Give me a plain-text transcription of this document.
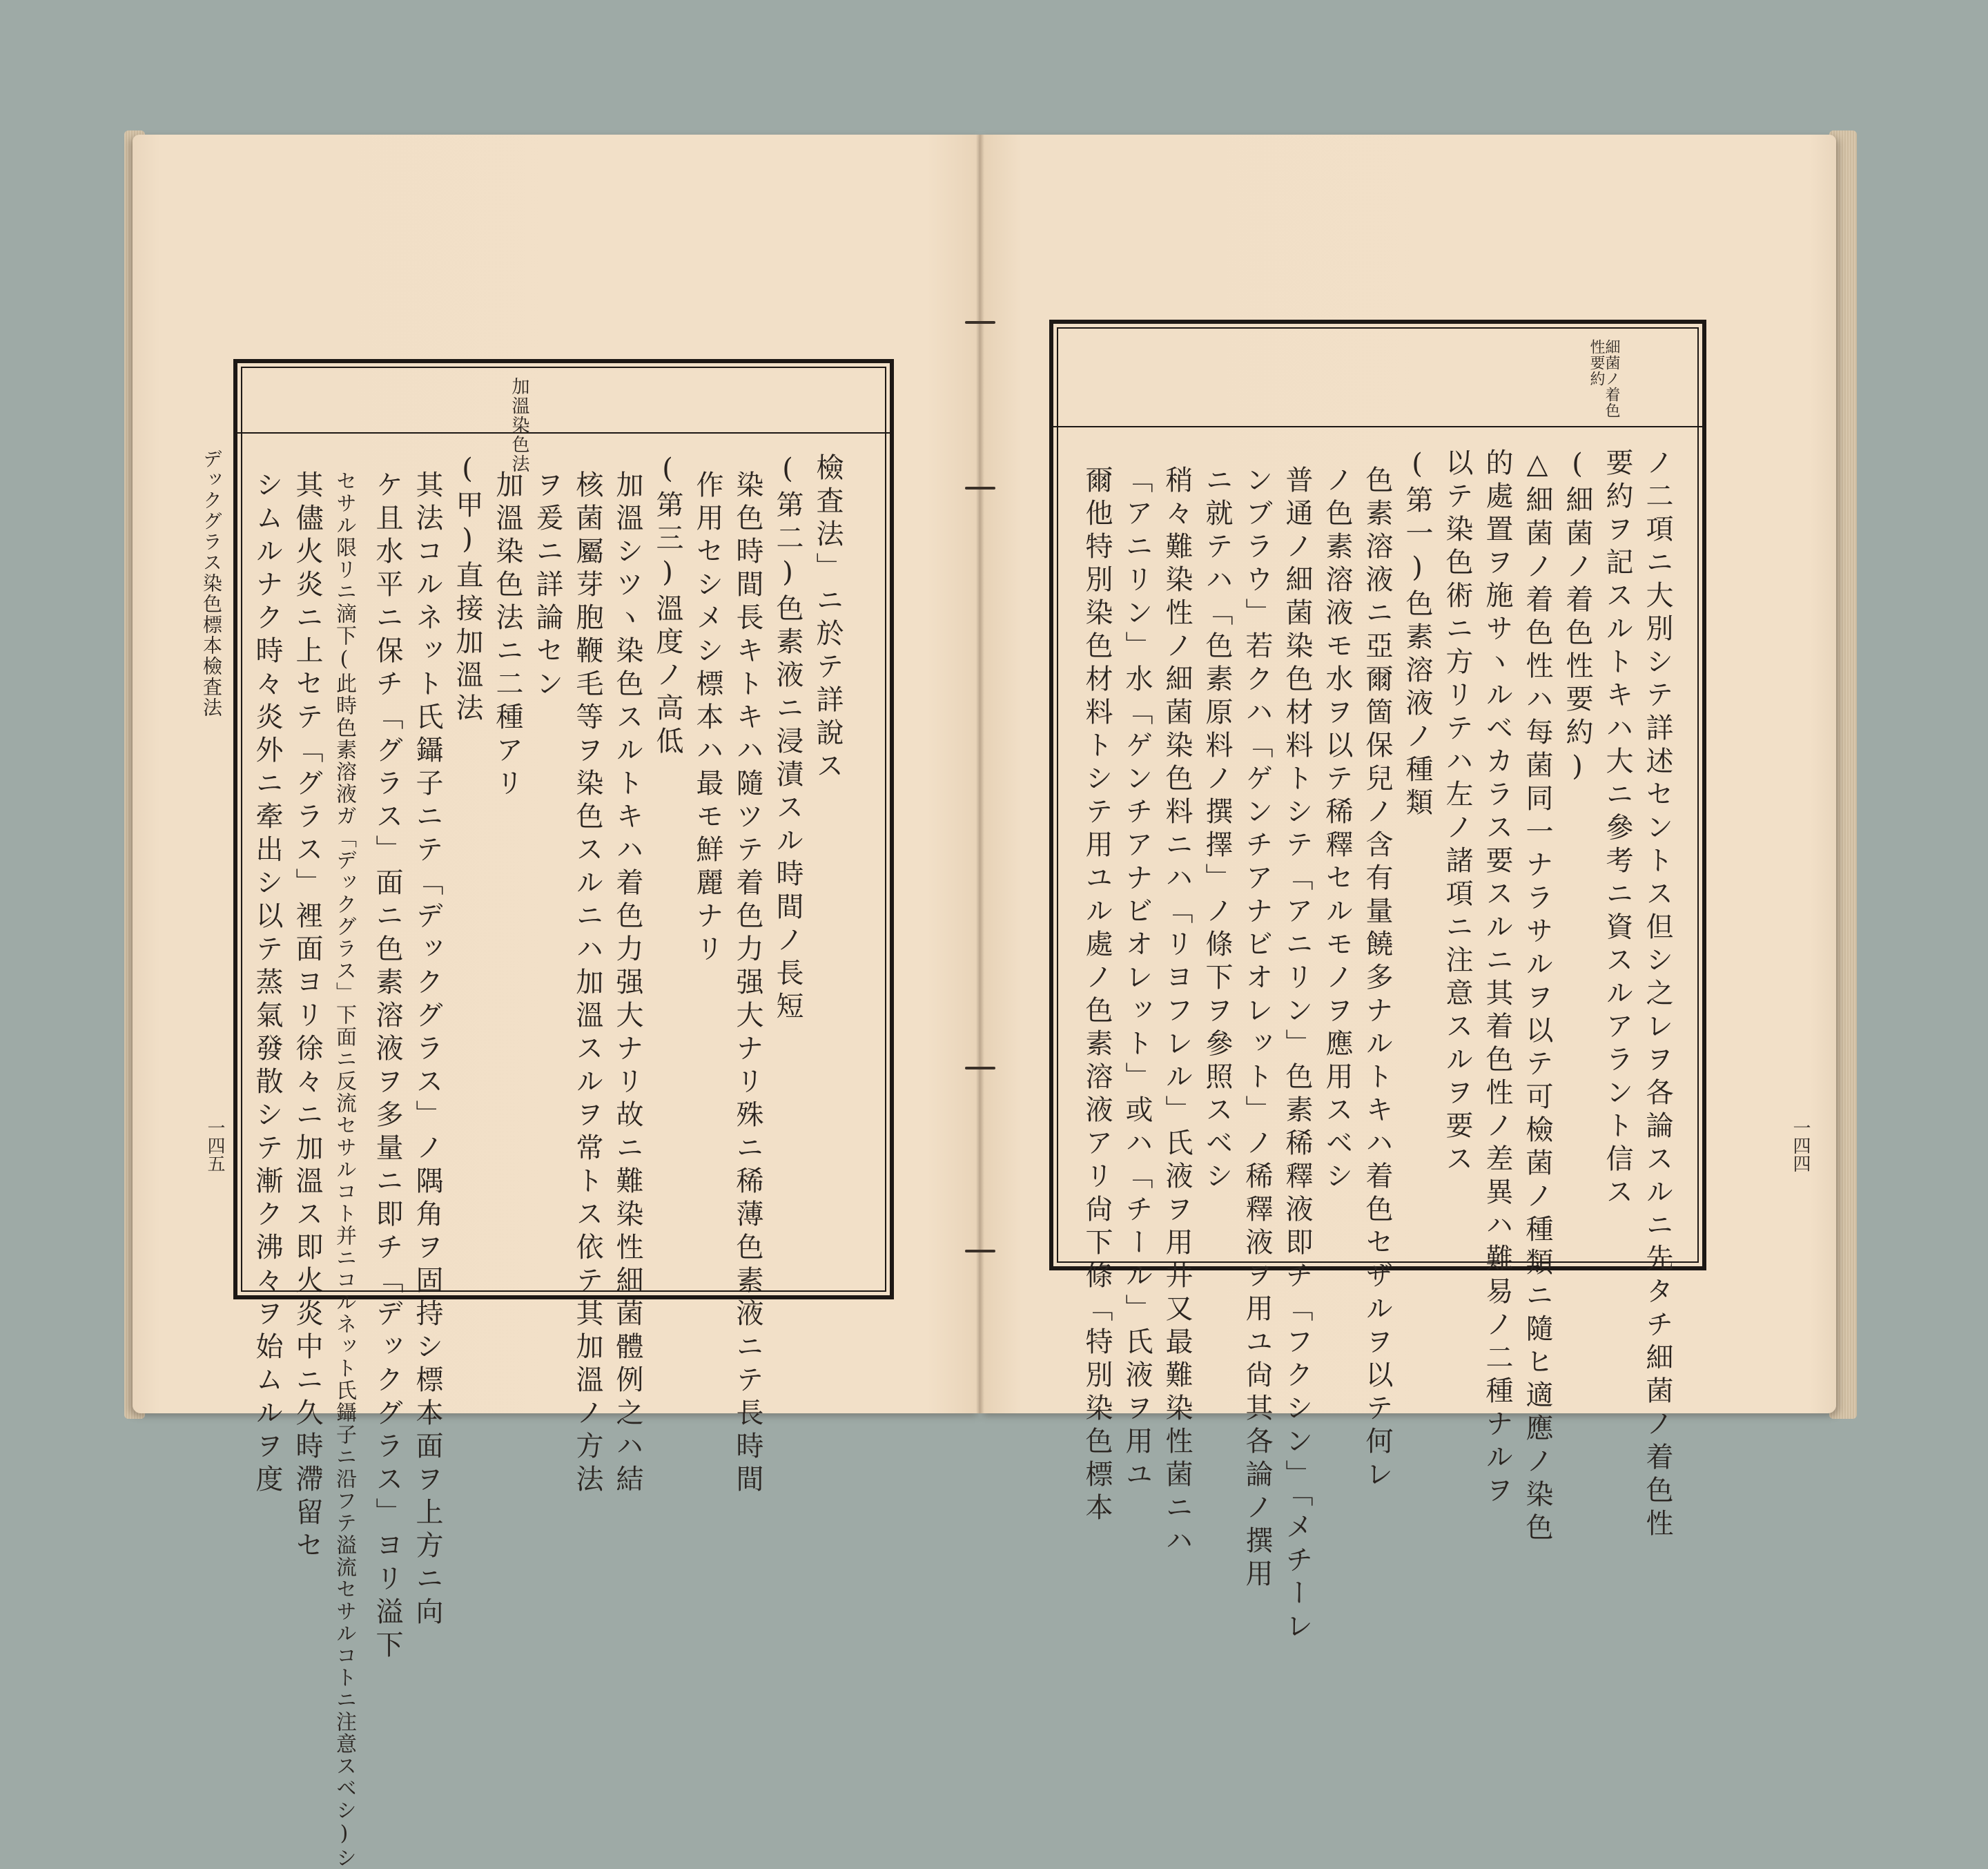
デックグラス染色標本檢査法
一四五
加溫染色法
檢査法」ニ於テ詳說ス
(第二)色素液ニ浸漬スル時間ノ長短
染色時間長キトキハ隨ツテ着色力强大ナリ殊ニ稀薄色素液ニテ長時間
作用セシメシ標本ハ最モ鮮麗ナリ
(第三)溫度ノ高低
加溫シツヽ染色スルトキハ着色力强大ナリ故ニ難染性細菌體例之ハ結
核菌屬芽胞鞭毛等ヲ染色スルニハ加溫スルヲ常トス依テ其加溫ノ方法
ヲ爰ニ詳論セン
加溫染色法ニ二種アリ
(甲)直接加溫法
其法コルネット氏鑷子ニテ「デックグラス」ノ隅角ヲ固持シ標本面ヲ上方ニ向
ケ且水平ニ保チ「グラス」面ニ色素溶液ヲ多量ニ即チ「デックグラス」ヨリ溢下
セサル限リニ滴下(此時色素溶液ガ「デックグラス」下面ニ反流セサルコト并ニコルネット氏鑷子ニ沿フテ溢流セサルコトニ注意スベシ)シ
其儘火炎ニ上セテ「グラス」裡面ヨリ徐々ニ加溫ス即火炎中ニ久時滯留セ
シムルナク時々炎外ニ牽出シ以テ蒸氣發散シテ漸ク沸々ヲ始ムルヲ度	一四四
細菌ノ着色性要約
ノ二項ニ大別シテ詳述セントス但シ之レヲ各論スルニ先タチ細菌ノ着色性
要約ヲ記スルトキハ大ニ參考ニ資スルアラント信ス
(細菌ノ着色性要約)
△細菌ノ着色性ハ每菌同一ナラサルヲ以テ可檢菌ノ種類ニ隨ヒ適應ノ染色
的處置ヲ施サヽルベカラス要スルニ其着色性ノ差異ハ難易ノ二種ナルヲ
以テ染色術ニ方リテハ左ノ諸項ニ注意スルヲ要ス
(第一)色素溶液ノ種類
色素溶液ニ亞爾箇保兒ノ含有量饒多ナルトキハ着色セザルヲ以テ何レ
ノ色素溶液モ水ヲ以テ稀釋セルモノヲ應用スベシ
普通ノ細菌染色材料トシテ「アニリン」色素稀釋液即チ「フクシン」「メチーレ
ンブラウ」若クハ「ゲンチアナビオレット」ノ稀釋液ヲ用ユ尙其各論ノ撰用
ニ就テハ「色素原料ノ撰擇」ノ條下ヲ參照スベシ
稍々難染性ノ細菌染色料ニハ「リヨフレル」氏液ヲ用井又最難染性菌ニハ
「アニリン」水「ゲンチアナビオレット」或ハ「チール」氏液ヲ用ユ
爾他特別染色材料トシテ用ユル處ノ色素溶液アリ尙下條「特別染色標本
